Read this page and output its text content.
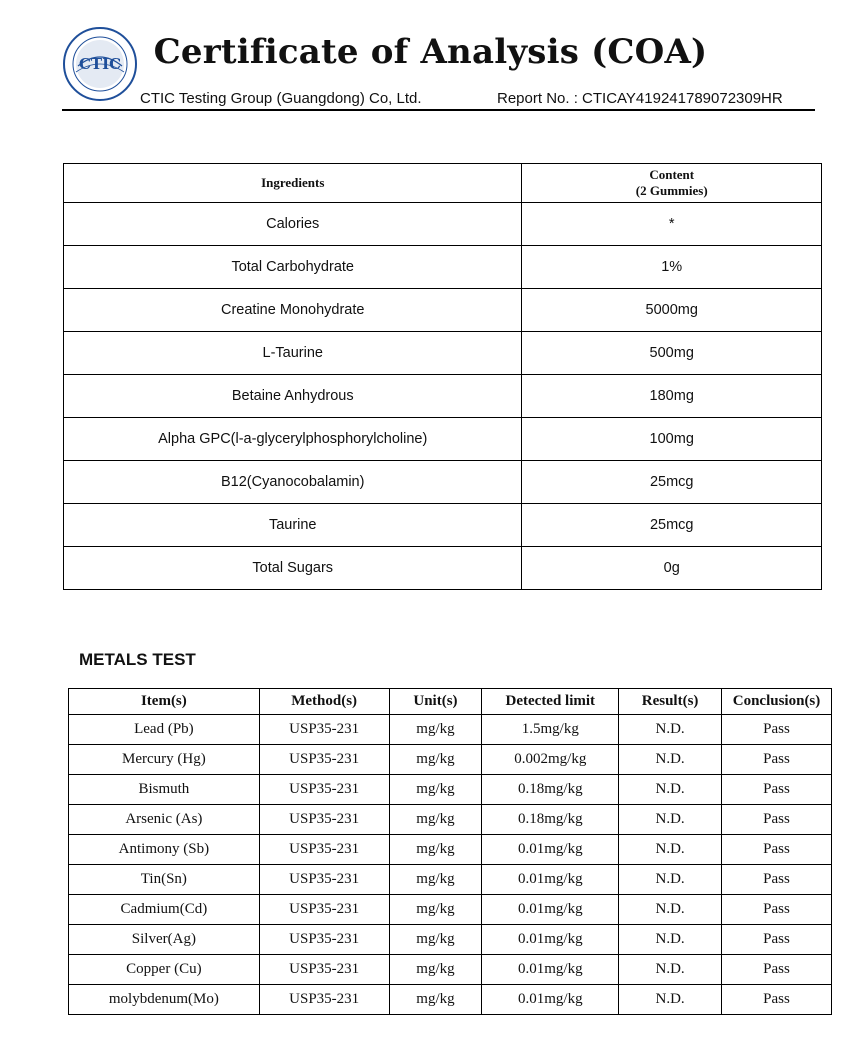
CTIC Certificate of Analysis (COA)
CTIC Testing Group (Guangdong) Co, Ltd.	Report No. : CTICAY419241789072309HR
Ingredients	Content
(2 Gummies)

Calories	*
Total Carbohydrate	1%
Creatine Monohydrate	5000mg
L-Taurine	500mg
Betaine Anhydrous	180mg
Alpha GPC(l-a-glycerylphosphorylcholine)	100mg
B12(Cyanocobalamin)	25mcg
Taurine	25mcg
Total Sugars	0g
METALS TEST
Item(s)	Method(s)	Unit(s)	Detected limit	Result(s)	Conclusion(s)
Lead (Pb)	USP35-231	mg/kg	1.5mg/kg	N.D.	Pass
Mercury (Hg)	USP35-231	mg/kg	0.002mg/kg	N.D.	Pass
Bismuth	USP35-231	mg/kg	0.18mg/kg	N.D.	Pass
Arsenic (As)	USP35-231	mg/kg	0.18mg/kg	N.D.	Pass
Antimony (Sb)	USP35-231	mg/kg	0.01mg/kg	N.D.	Pass
Tin(Sn)	USP35-231	mg/kg	0.01mg/kg	N.D.	Pass
Cadmium(Cd)	USP35-231	mg/kg	0.01mg/kg	N.D.	Pass
Silver(Ag)	USP35-231	mg/kg	0.01mg/kg	N.D.	Pass
Copper (Cu)	USP35-231	mg/kg	0.01mg/kg	N.D.	Pass
molybdenum(Mo)	USP35-231	mg/kg	0.01mg/kg	N.D.	Pass
